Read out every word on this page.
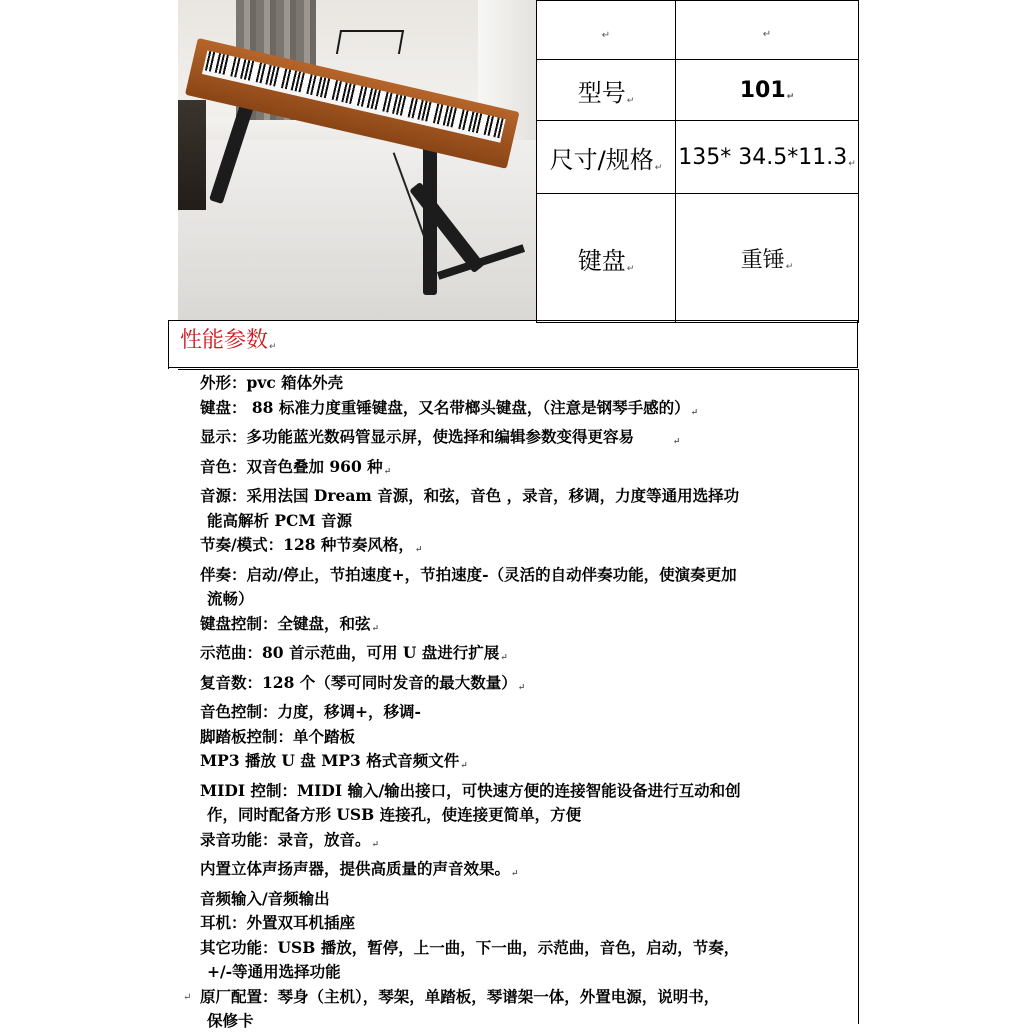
↵	↵
型号↵	101↵
尺寸/规格↵	135* 34.5*11.3↵
键盘↵	重锤↵
性能参数↵
外形：pvc 箱体外壳
键盘： 88 标准力度重锤键盘，又名带榔头键盘，（注意是钢琴手感的）↵
显示：多功能蓝光数码管显示屏，使选择和编辑参数变得更容易	↵
音色：双音色叠加 960 种↵
音源：采用法国 Dream 音源，和弦，音色 ，录音，移调，力度等通用选择功
能高解析 PCM 音源
节奏/模式：128 种节奏风格，↵
伴奏：启动/停止，节拍速度+，节拍速度-（灵活的自动伴奏功能，使演奏更加
流畅）
键盘控制：全键盘，和弦↵
示范曲：80 首示范曲，可用 U 盘进行扩展↵
复音数：128 个（琴可同时发音的最大数量）↵
音色控制：力度，移调+，移调-
脚踏板控制：单个踏板
MP3 播放 U 盘 MP3 格式音频文件↵
MIDI 控制：MIDI 输入/输出接口，可快速方便的连接智能设备进行互动和创
作，同时配备方形 USB 连接孔，使连接更简单，方便
录音功能：录音，放音。↵
内置立体声扬声器，提供高质量的声音效果。↵
音频输入/音频输出
耳机：外置双耳机插座
其它功能：USB 播放，暂停，上一曲，下一曲，示范曲，音色，启动，节奏，
+/-等通用选择功能
原厂配置：琴身（主机），琴架，单踏板，琴谱架一体，外置电源，说明书，
保修卡
↵
